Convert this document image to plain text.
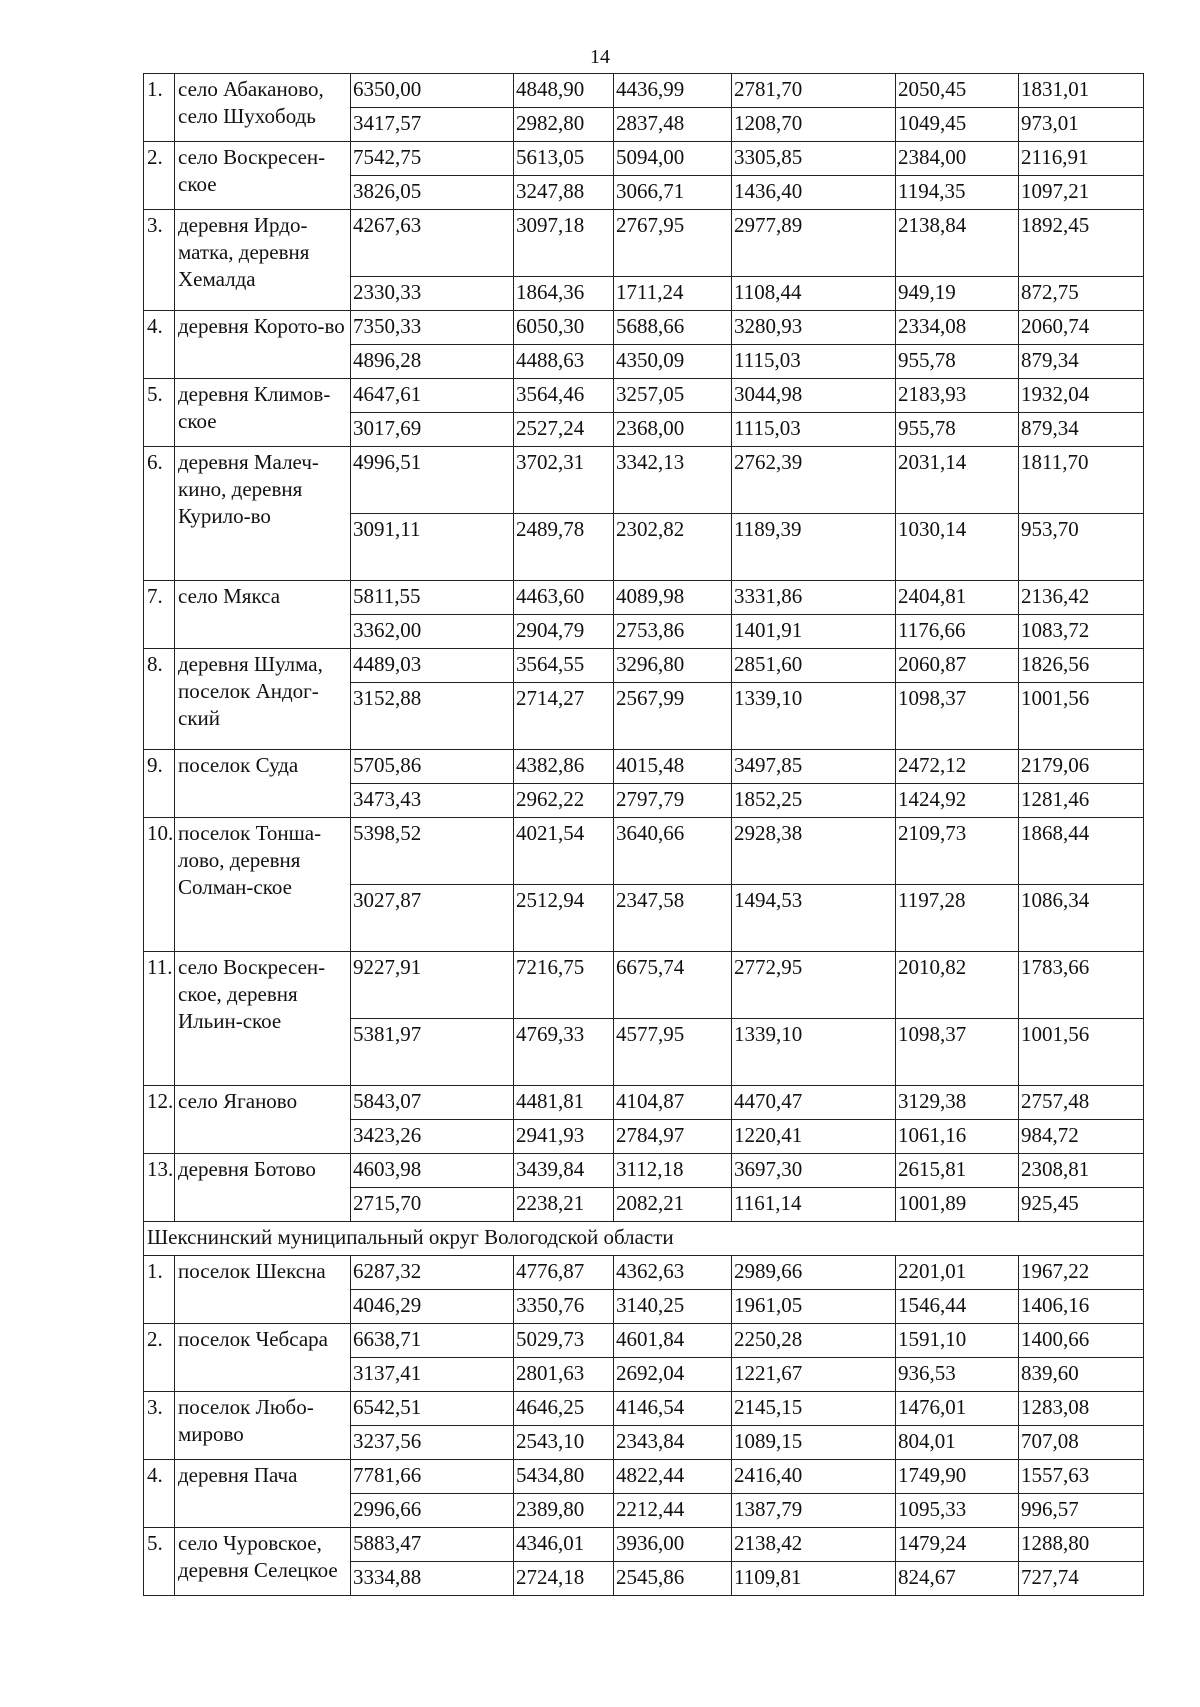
14
1.	село Абаканово, село Шухободь	6350,00	4848,90	4436,99	2781,70	2050,45	1831,01
		3417,57	2982,80	2837,48	1208,70	1049,45	973,01
2.	село Воскресен-ское	7542,75	5613,05	5094,00	3305,85	2384,00	2116,91
		3826,05	3247,88	3066,71	1436,40	1194,35	1097,21
3.	деревня Ирдо-матка, деревня Хемалда	4267,63	3097,18	2767,95	2977,89	2138,84	1892,45
		2330,33	1864,36	1711,24	1108,44	949,19	872,75
4.	деревня Корото-во	7350,33	6050,30	5688,66	3280,93	2334,08	2060,74
		4896,28	4488,63	4350,09	1115,03	955,78	879,34
5.	деревня Климов-ское	4647,61	3564,46	3257,05	3044,98	2183,93	1932,04
		3017,69	2527,24	2368,00	1115,03	955,78	879,34
6.	деревня Малеч-кино, деревня Курило-во	4996,51	3702,31	3342,13	2762,39	2031,14	1811,70
		3091,11	2489,78	2302,82	1189,39	1030,14	953,70
7.	село Мякса	5811,55	4463,60	4089,98	3331,86	2404,81	2136,42
		3362,00	2904,79	2753,86	1401,91	1176,66	1083,72
8.	деревня Шулма, поселок Андог-ский	4489,03	3564,55	3296,80	2851,60	2060,87	1826,56
		3152,88	2714,27	2567,99	1339,10	1098,37	1001,56
9.	поселок Суда	5705,86	4382,86	4015,48	3497,85	2472,12	2179,06
		3473,43	2962,22	2797,79	1852,25	1424,92	1281,46
10.	поселок Тонша-лово, деревня Солман-ское	5398,52	4021,54	3640,66	2928,38	2109,73	1868,44
		3027,87	2512,94	2347,58	1494,53	1197,28	1086,34
11.	село Воскресен-ское, деревня Ильин-ское	9227,91	7216,75	6675,74	2772,95	2010,82	1783,66
		5381,97	4769,33	4577,95	1339,10	1098,37	1001,56
12.	село Яганово	5843,07	4481,81	4104,87	4470,47	3129,38	2757,48
		3423,26	2941,93	2784,97	1220,41	1061,16	984,72
13.	деревня Ботово	4603,98	3439,84	3112,18	3697,30	2615,81	2308,81
		2715,70	2238,21	2082,21	1161,14	1001,89	925,45
Шекснинский муниципальный округ Вологодской области							
1.	поселок Шексна	6287,32	4776,87	4362,63	2989,66	2201,01	1967,22
		4046,29	3350,76	3140,25	1961,05	1546,44	1406,16
2.	поселок Чебсара	6638,71	5029,73	4601,84	2250,28	1591,10	1400,66
		3137,41	2801,63	2692,04	1221,67	936,53	839,60
3.	поселок Любо-мирово	6542,51	4646,25	4146,54	2145,15	1476,01	1283,08
		3237,56	2543,10	2343,84	1089,15	804,01	707,08
4.	деревня Пача	7781,66	5434,80	4822,44	2416,40	1749,90	1557,63
		2996,66	2389,80	2212,44	1387,79	1095,33	996,57
5.	село Чуровское, деревня Селецкое	5883,47	4346,01	3936,00	2138,42	1479,24	1288,80
		3334,88	2724,18	2545,86	1109,81	824,67	727,74
